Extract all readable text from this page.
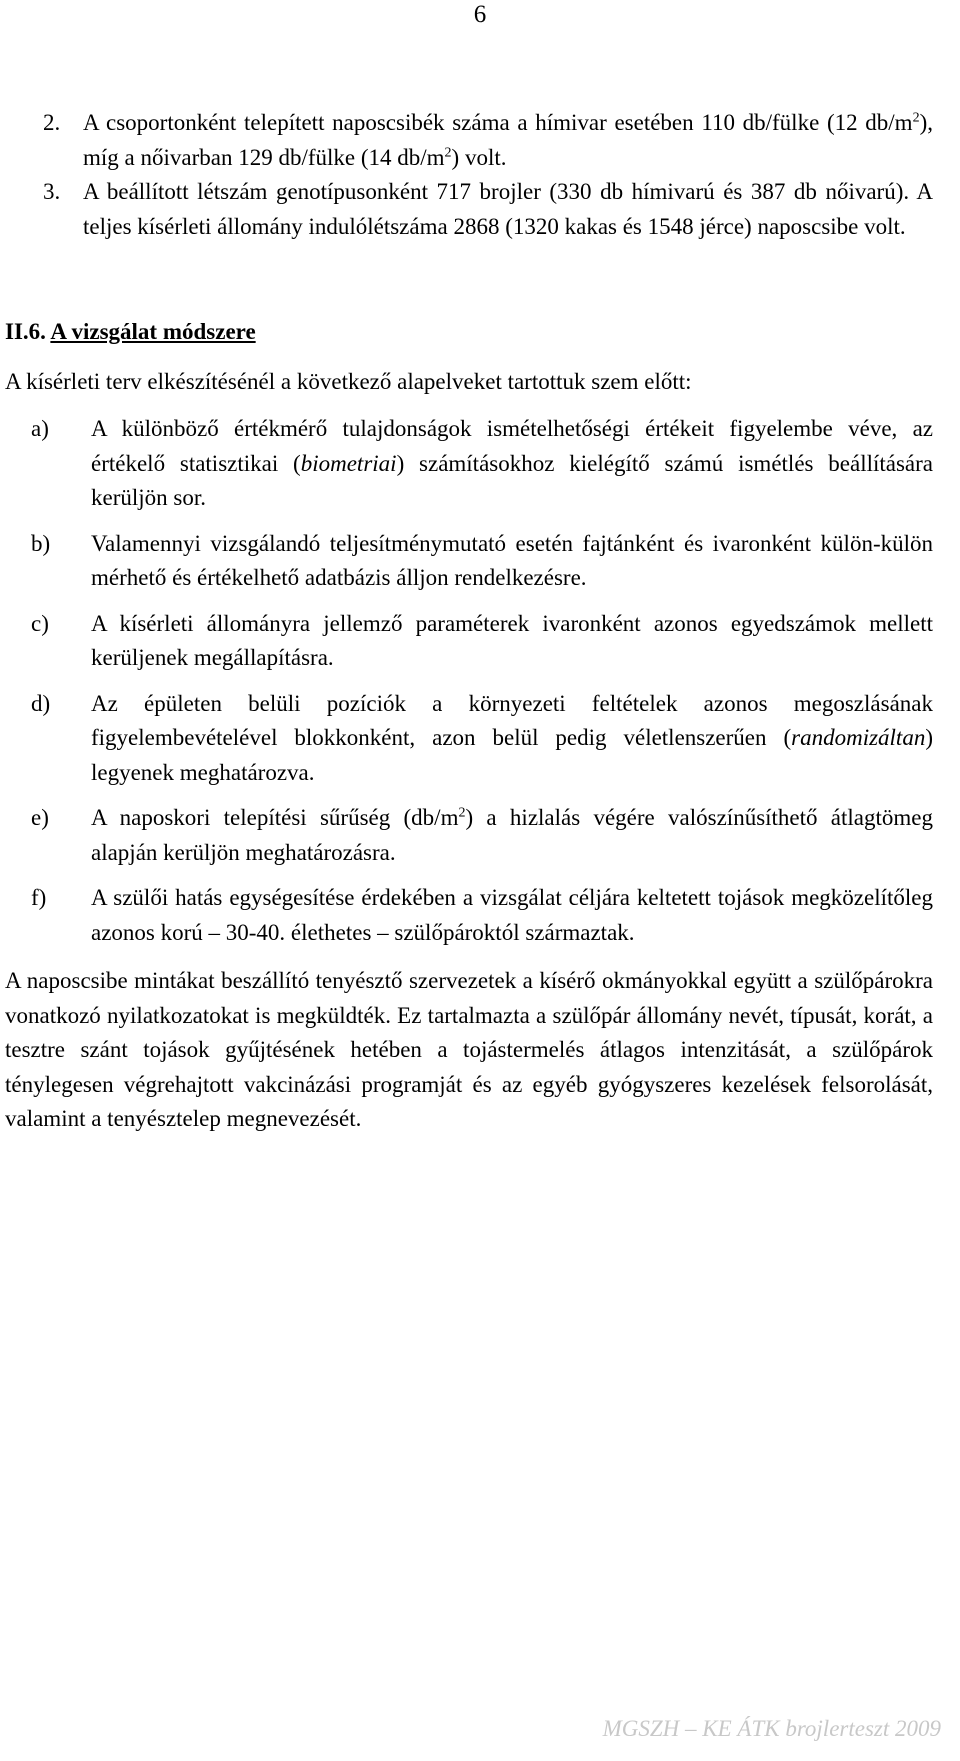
6
2. A csoportonként telepített naposcsibék száma a hímivar esetében 110 db/fülke (12 $db/m^2$), míg a nőivarban 129 db/fülke (14 $db/m^2$) volt.
3. A beállított létszám genotípusonként 717 brojler (330 db hímivarú és 387 db nőivarú). A teljes kísérleti állomány indulólétszáma 2868 (1320 kakas és 1548 jérce) naposcsibe volt.
II.6. A vizsgálat módszere
A kísérleti terv elkészítésénél a következő alapelveket tartottuk szem előtt:
a)	A különböző értékmérő tulajdonságok ismételhetőségi értékeit figyelembe véve, az értékelő statisztikai (biometriai) számításokhoz kielégítő számú ismétlés beállítására kerüljön sor.
b)	Valamennyi vizsgálandó teljesítménymutató esetén fajtánként és ivaronként külön-külön mérhető és értékelhető adatbázis álljon rendelkezésre.
c)	A kísérleti állományra jellemző paraméterek ivaronként azonos egyedszámok mellett kerüljenek megállapításra.
d)	Az épületen belüli pozíciók a környezeti feltételek azonos megoszlásának figyelembevételével blokkonként, azon belül pedig véletlenszerűen (randomizáltan) legyenek meghatározva.
e)	A naposkori telepítési sűrűség $(db/m^2)$ a hizlalás végére valószínűsíthető átlagtömeg alapján kerüljön meghatározásra.
f)	A szülői hatás egységesítése érdekében a vizsgálat céljára keltetett tojások megközelítőleg azonos korú – 30-40. élethetes – szülőpároktól származtak.
A naposcsibe mintákat beszállító tenyésztő szervezetek a kísérő okmányokkal együtt a szülőpárokra vonatkozó nyilatkozatokat is megküldték. Ez tartalmazta a szülőpár állomány nevét, típusát, korát, a tesztre szánt tojások gyűjtésének hetében a tojástermelés átlagos intenzitását, a szülőpárok ténylegesen végrehajtott vakcinázási programját és az egyéb gyógyszeres kezelések felsorolását, valamint a tenyésztelep megnevezését.
MGSZH – KE ÁTK brojlerteszt 2009
